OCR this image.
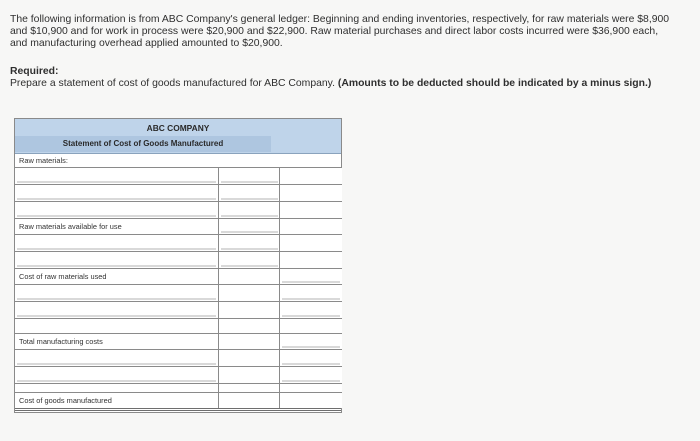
The following information is from ABC Company's general ledger: Beginning and ending inventories, respectively, for raw materials were $8,900 and $10,900 and for work in process were $20,900 and $22,900. Raw material purchases and direct labor costs incurred were $36,900 each, and manufacturing overhead applied amounted to $20,900.
Required:
Prepare a statement of cost of goods manufactured for ABC Company. (Amounts to be deducted should be indicated by a minus sign.)
ABC COMPANY
Statement of Cost of Goods Manufactured
Raw materials:
Raw materials available for use
Cost of raw materials used
Total manufacturing costs
Cost of goods manufactured
